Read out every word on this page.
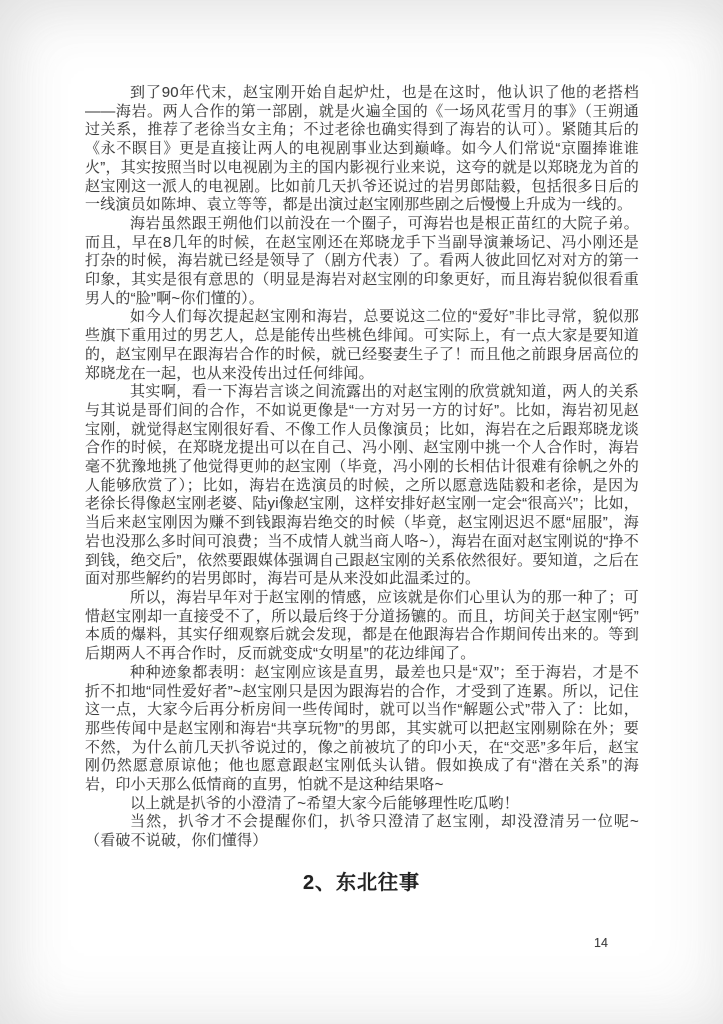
到了90年代末，赵宝刚开始自起炉灶，也是在这时，他认识了他的老搭档——海岩。两人合作的第一部剧，就是火遍全国的《一场风花雪月的事》（王朔通过关系，推荐了老徐当女主角；不过老徐也确实得到了海岩的认可）。紧随其后的《永不瞑目》更是直接让两人的电视剧事业达到巅峰。如今人们常说“京圈捧谁谁火”，其实按照当时以电视剧为主的国内影视行业来说，这夸的就是以郑晓龙为首的赵宝刚这一派人的电视剧。比如前几天扒爷还说过的岩男郎陆毅，包括很多日后的一线演员如陈坤、袁立等等，都是出演过赵宝刚那些剧之后慢慢上升成为一线的。

海岩虽然跟王朔他们以前没在一个圈子，可海岩也是根正苗红的大院子弟。而且，早在8几年的时候，在赵宝刚还在郑晓龙手下当副导演兼场记、冯小刚还是打杂的时候，海岩就已经是领导了（剧方代表）了。看两人彼此回忆对对方的第一印象，其实是很有意思的（明显是海岩对赵宝刚的印象更好，而且海岩貌似很看重男人的“脸”啊~你们懂的）。

如今人们每次提起赵宝刚和海岩，总要说这二位的“爱好”非比寻常，貌似那些旗下重用过的男艺人，总是能传出些桃色绯闻。可实际上，有一点大家是要知道的，赵宝刚早在跟海岩合作的时候，就已经娶妻生子了！而且他之前跟身居高位的郑晓龙在一起，也从来没传出过任何绯闻。

其实啊，看一下海岩言谈之间流露出的对赵宝刚的欣赏就知道，两人的关系与其说是哥们间的合作，不如说更像是“一方对另一方的讨好”。比如，海岩初见赵宝刚，就觉得赵宝刚很好看、不像工作人员像演员；比如，海岩在之后跟郑晓龙谈合作的时候，在郑晓龙提出可以在自己、冯小刚、赵宝刚中挑一个人合作时，海岩毫不犹豫地挑了他觉得更帅的赵宝刚（毕竟，冯小刚的长相估计很难有徐帆之外的人能够欣赏了）；比如，海岩在选演员的时候，之所以愿意选陆毅和老徐，是因为老徐长得像赵宝刚老婆、陆yi像赵宝刚，这样安排好赵宝刚一定会“很高兴”；比如，当后来赵宝刚因为赚不到钱跟海岩绝交的时候（毕竟，赵宝刚迟迟不愿“屈服”，海岩也没那么多时间可浪费；当不成情人就当商人咯~），海岩在面对赵宝刚说的“挣不到钱，绝交后”，依然要跟媒体强调自己跟赵宝刚的关系依然很好。要知道，之后在面对那些解约的岩男郎时，海岩可是从来没如此温柔过的。

所以，海岩早年对于赵宝刚的情感，应该就是你们心里认为的那一种了；可惜赵宝刚却一直接受不了，所以最后终于分道扬镳的。而且，坊间关于赵宝刚“钙”本质的爆料，其实仔细观察后就会发现，都是在他跟海岩合作期间传出来的。等到后期两人不再合作时，反而就变成“女明星”的花边绯闻了。

种种迹象都表明：赵宝刚应该是直男，最差也只是“双”；至于海岩，才是不折不扣地“同性爱好者”~赵宝刚只是因为跟海岩的合作，才受到了连累。所以，记住这一点，大家今后再分析房间一些传闻时，就可以当作“解题公式”带入了：比如，那些传闻中是赵宝刚和海岩“共享玩物”的男郎，其实就可以把赵宝刚剔除在外；要不然，为什么前几天扒爷说过的，像之前被坑了的印小天，在“交恶”多年后，赵宝刚仍然愿意原谅他；他也愿意跟赵宝刚低头认错。假如换成了有“潜在关系”的海岩，印小天那么低情商的直男，怕就不是这种结果咯~

以上就是扒爷的小澄清了~希望大家今后能够理性吃瓜哟！

当然，扒爷才不会提醒你们，扒爷只澄清了赵宝刚，却没澄清另一位呢~（看破不说破，你们懂得）

2、东北往事
14
